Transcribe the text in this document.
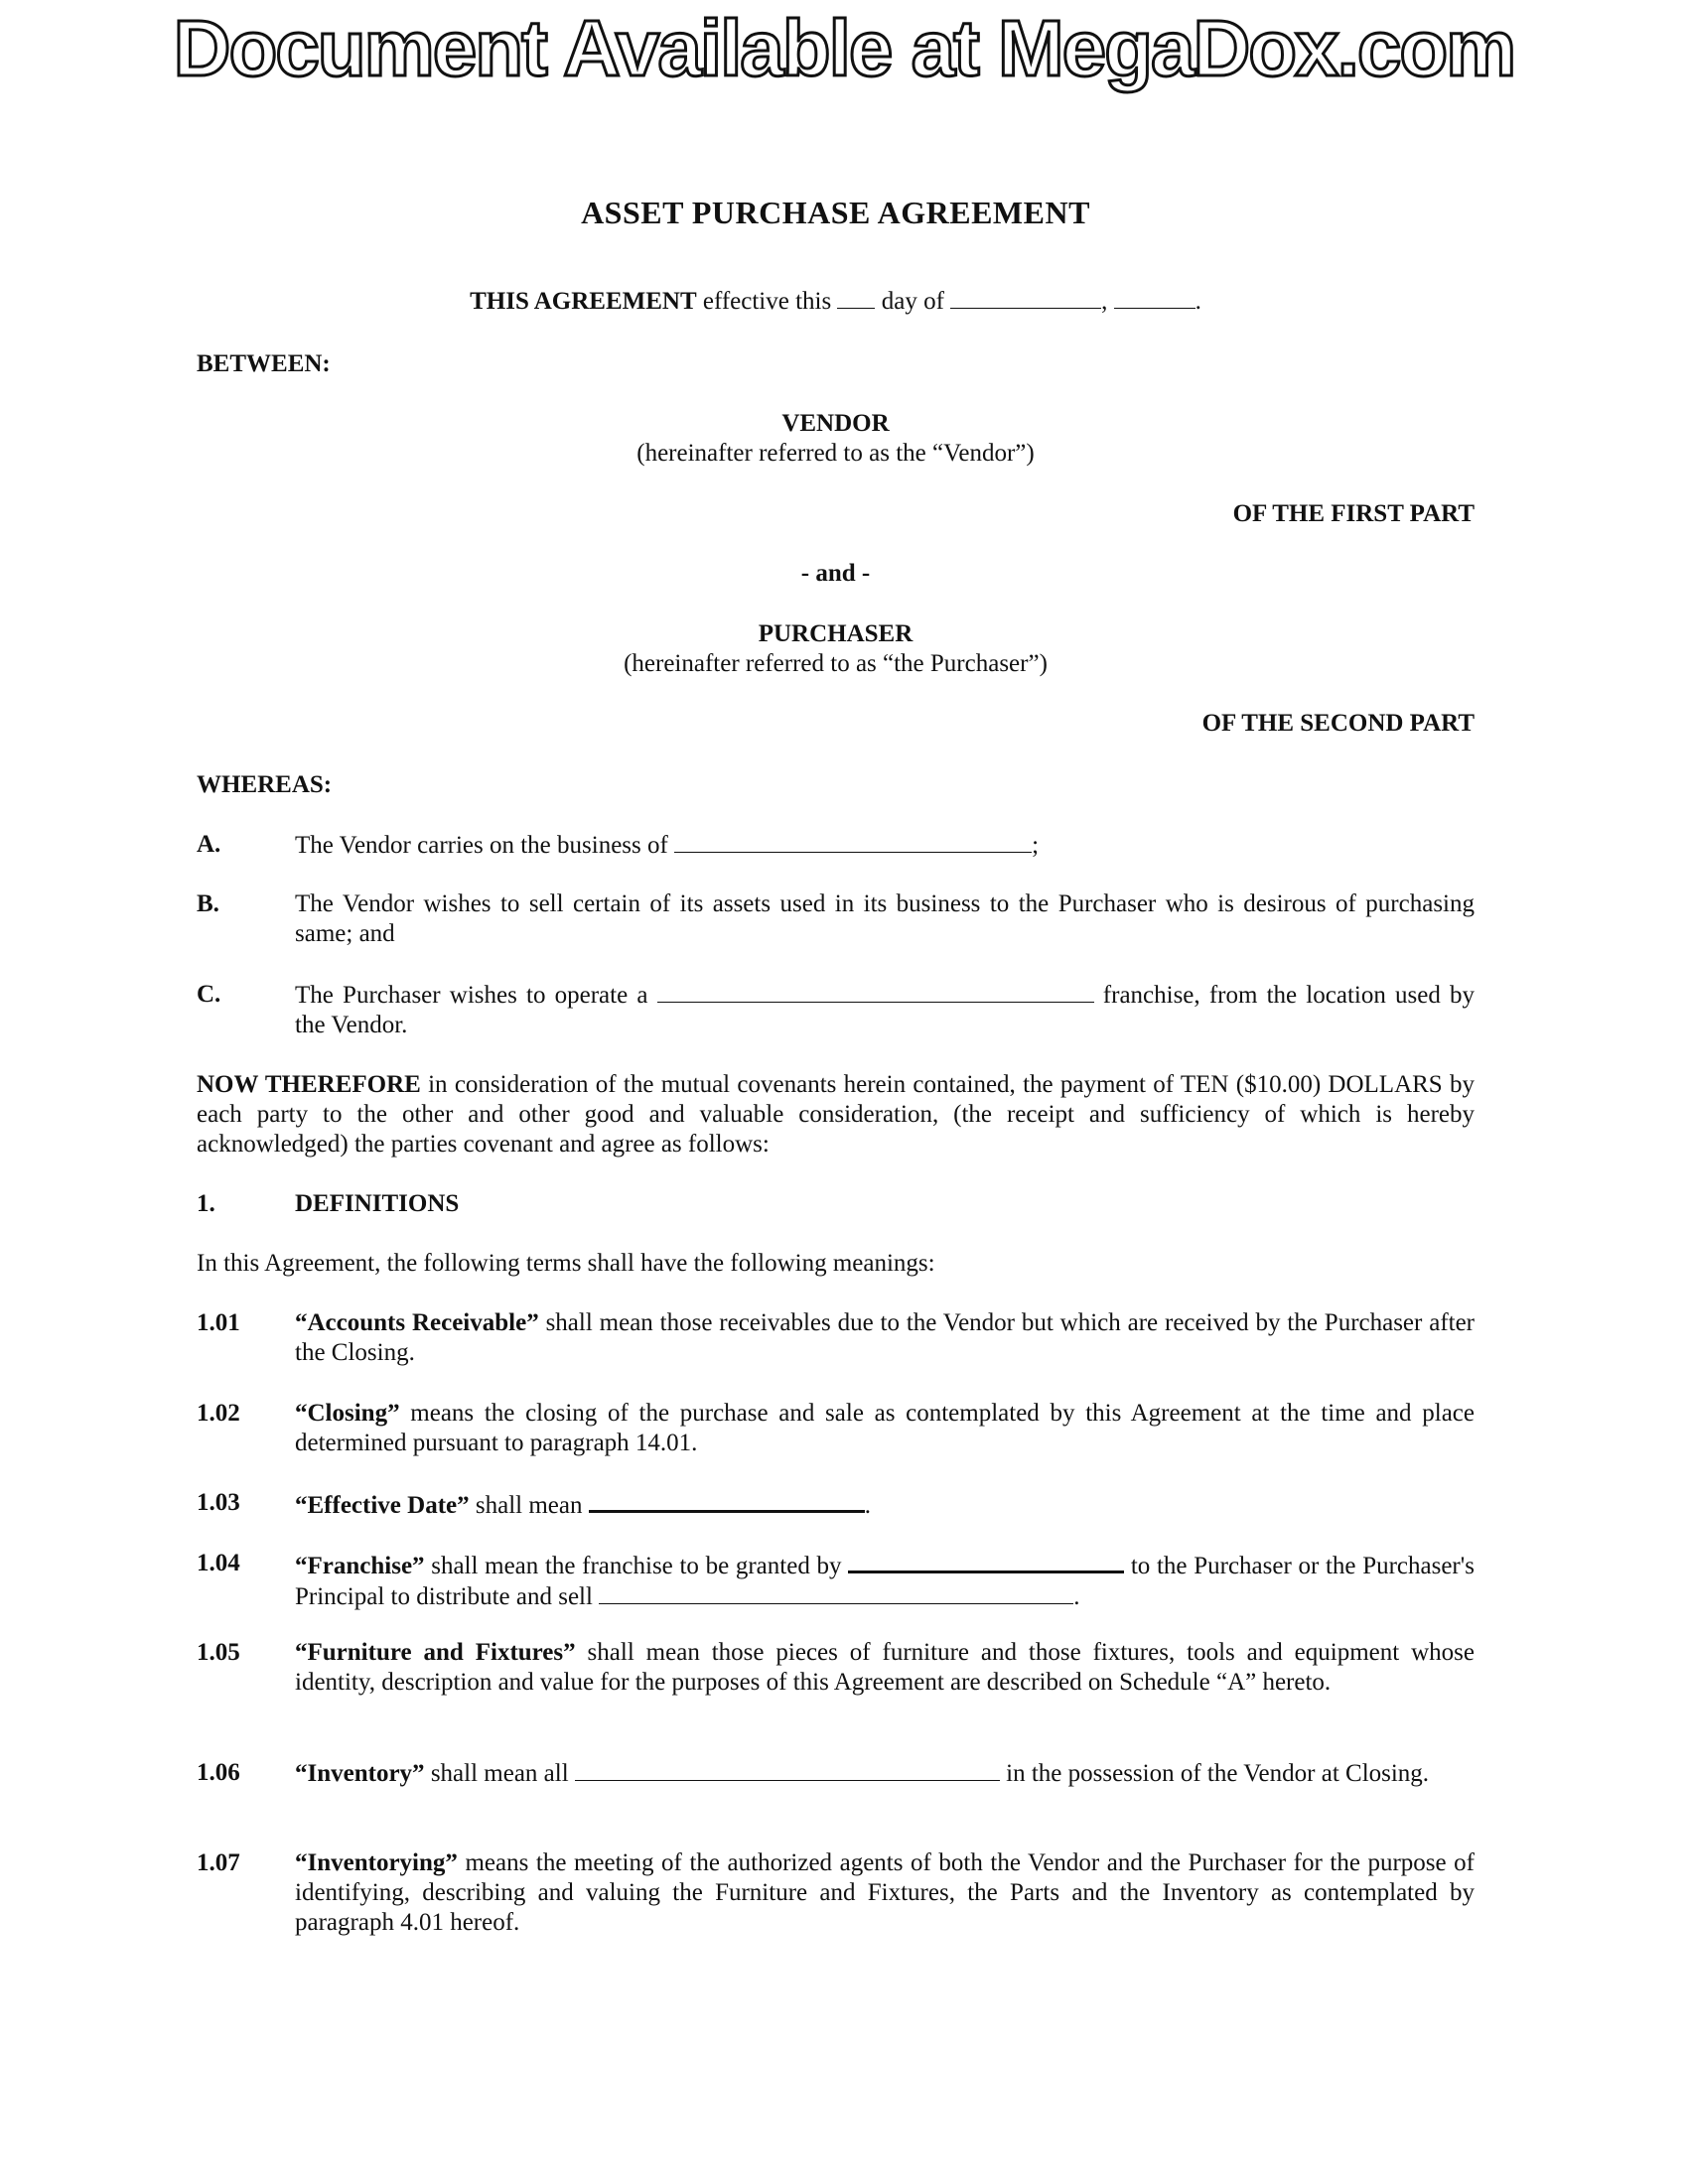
Document Available at MegaDox.com
ASSET PURCHASE AGREEMENT
THIS AGREEMENT effective this  day of	,	.
BETWEEN:
VENDOR
(hereinafter referred to as the “Vendor”)
OF THE FIRST PART
- and -
PURCHASER
(hereinafter referred to as “the Purchaser”)
OF THE SECOND PART
WHEREAS:
A.	The Vendor carries on the business of	;
B.	The Vendor wishes to sell certain of its assets used in its business to the Purchaser who is desirous of purchasing same; and
C.	The Purchaser wishes to operate a	franchise, from the location used by the Vendor.
NOW THEREFORE in consideration of the mutual covenants herein contained, the payment of TEN ($10.00) DOLLARS by each party to the other and other good and valuable consideration, (the receipt and sufficiency of which is hereby acknowledged) the parties covenant and agree as follows:
1.	DEFINITIONS
In this Agreement, the following terms shall have the following meanings:
1.01 “Accounts Receivable” shall mean those receivables due to the Vendor but which are received by the Purchaser after the Closing.
1.02 “Closing” means the closing of the purchase and sale as contemplated by this Agreement at the time and place determined pursuant to paragraph 14.01.
1.03 “Effective Date” shall mean	.
1.04 “Franchise” shall mean the franchise to be granted by	to the Purchaser or the Purchaser's Principal to distribute and sell	.
1.05 “Furniture and Fixtures” shall mean those pieces of furniture and those fixtures, tools and equipment whose identity, description and value for the purposes of this Agreement are described on Schedule “A” hereto.
1.06 “Inventory” shall mean all	in the possession of the Vendor at Closing.
1.07 “Inventorying” means the meeting of the authorized agents of both the Vendor and the Purchaser for the purpose of identifying, describing and valuing the Furniture and Fixtures, the Parts and the Inventory as contemplated by paragraph 4.01 hereof.
